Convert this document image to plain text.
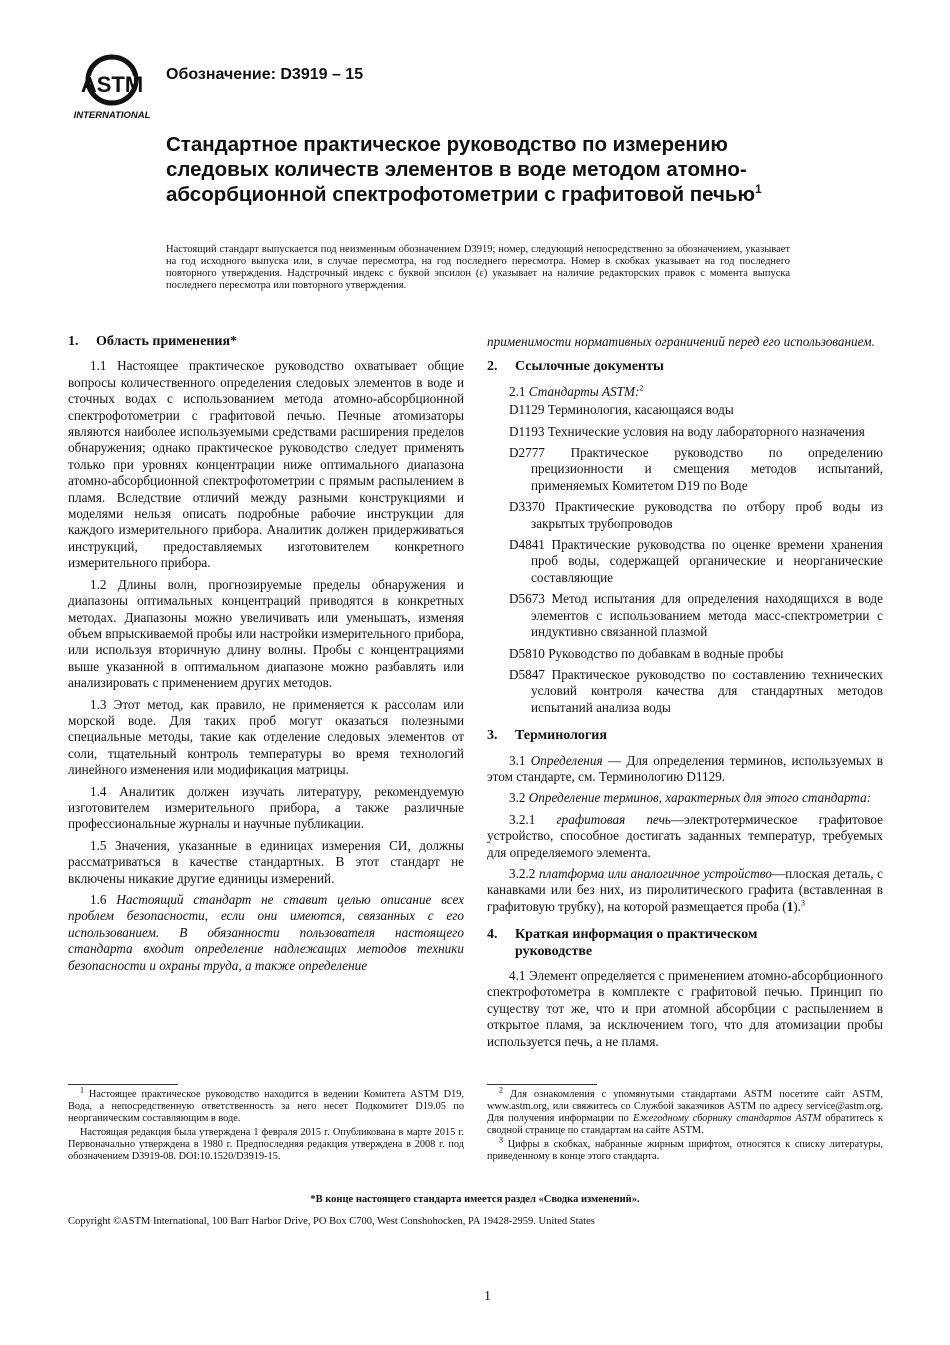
ASTM
INTERNATIONAL
Обозначение: D3919 – 15
Стандартное практическое руководство по измерению следовых количеств элементов в воде методом атомно-абсорбционной спектрофотометрии с графитовой печью$^1$

Настоящий стандарт выпускается под неизменным обозначением D3919; номер, следующий непосредственно за обозначением, указывает на год исходного выпуска или, в случае пересмотра, на год последнего пересмотра. Номер в скобках указывает на год последнего повторного утверждения. Надстрочный индекс с буквой эпсилон (ε) указывает на наличие редакторских правок с момента выпуска последнего пересмотра или повторного утверждения.

1.	Область применения*

1.1 Настоящее практическое руководство охватывает общие вопросы количественного определения следовых элементов в воде и сточных водах с использованием метода атомно-абсорбционной спектрофотометрии с графитовой печью. Печные атомизаторы являются наиболее используемыми средствами расширения пределов обнаружения; однако практическое руководство следует применять только при уровнях концентрации ниже оптимального диапазона атомно-абсорбционной спектрофотометрии с прямым распылением в пламя. Вследствие отличий между разными конструкциями и моделями нельзя описать подробные рабочие инструкции для каждого измерительного прибора. Аналитик должен придерживаться инструкций, предоставляемых изготовителем конкретного измерительного прибора.

1.2 Длины волн, прогнозируемые пределы обнаружения и диапазоны оптимальных концентраций приводятся в конкретных методах. Диапазоны можно увеличивать или уменьшать, изменяя объем впрыскиваемой пробы или настройки измерительного прибора, или используя вторичную длину волны. Пробы с концентрациями выше указанной в оптимальном диапазоне можно разбавлять или анализировать с применением других методов.

1.3 Этот метод, как правило, не применяется к рассолам или морской воде. Для таких проб могут оказаться полезными специальные методы, такие как отделение следовых элементов от соли, тщательный контроль температуры во время технологий линейного изменения или модификация матрицы.

1.4 Аналитик должен изучать литературу, рекомендуемую изготовителем измерительного прибора, а также различные профессиональные журналы и научные публикации.

1.5 Значения, указанные в единицах измерения СИ, должны рассматриваться в качестве стандартных. В этот стандарт не включены никакие другие единицы измерений.

1.6 Настоящий стандарт не ставит целью описание всех проблем безопасности, если они имеются, связанных с его использованием. В обязанности пользователя настоящего стандарта входит определение надлежащих методов техники безопасности и охраны труда, а также определение

применимости нормативных ограничений перед его использованием.

2.	Ссылочные документы

2.1 Стандарты ASTM:$^2$

D1129 Терминология, касающаяся воды

D1193 Технические условия на воду лабораторного назначения

D2777 Практическое руководство по определению прецизионности и смещения методов испытаний, применяемых Комитетом D19 по Воде

D3370 Практические руководства по отбору проб воды из закрытых трубопроводов

D4841 Практические руководства по оценке времени хранения проб воды, содержащей органические и неорганические составляющие

D5673 Метод испытания для определения находящихся в воде элементов с использованием метода масс-спектрометрии с индуктивно связанной плазмой

D5810 Руководство по добавкам в водные пробы

D5847 Практическое руководство по составлению технических условий контроля качества для стандартных методов испытаний анализа воды

3.	Терминология

3.1 Определения — Для определения терминов, используемых в этом стандарте, см. Терминологию D1129.

3.2 Определение терминов, характерных для этого стандарта:

3.2.1 графитовая печь—электротермическое графитовое устройство, способное достигать заданных температур, требуемых для определяемого элемента.

3.2.2 платформа или аналогичное устройство—плоская деталь, с канавками или без них, из пиролитического графита (вставленная в графитовую трубку), на которой размещается проба (1).$^3$

4.	Краткая информация о практическом руководстве

4.1 Элемент определяется с применением атомно-абсорбционного спектрофотометра в комплекте с графитовой печью. Принцип по существу тот же, что и при атомной абсорбции с распылением в открытое пламя, за исключением того, что для атомизации пробы используется печь, а не пламя.

$^1$ Настоящее практическое руководство находится в ведении Комитета ASTM D19, Вода, а непосредственную ответственность за него несет Подкомитет D19.05 по неорганическим составляющим в воде.

Настоящая редакция была утверждена 1 февраля 2015 г. Опубликована в марте 2015 г. Первоначально утверждена в 1980 г. Предпоследняя редакция утверждена в 2008 г. под обозначением D3919-08. DOI:10.1520/D3919-15.

$^2$ Для ознакомления с упомянутыми стандартами ASTM посетите сайт ASTM, www.astm.org, или свяжитесь со Службой заказчиков ASTM по адресу service@astm.org. Для получения информации по Ежегодному сборнику стандартов ASTM обратитесь к сводной странице по стандартам на сайте ASTM.

$^3$ Цифры в скобках, набранные жирным шрифтом, относятся к списку литературы, приведенному в конце этого стандарта.

*В конце настоящего стандарта имеется раздел «Сводка изменений».
Copyright ©ASTM International, 100 Barr Harbor Drive, PO Box C700, West Conshohocken, PA 19428-2959. United States
1
